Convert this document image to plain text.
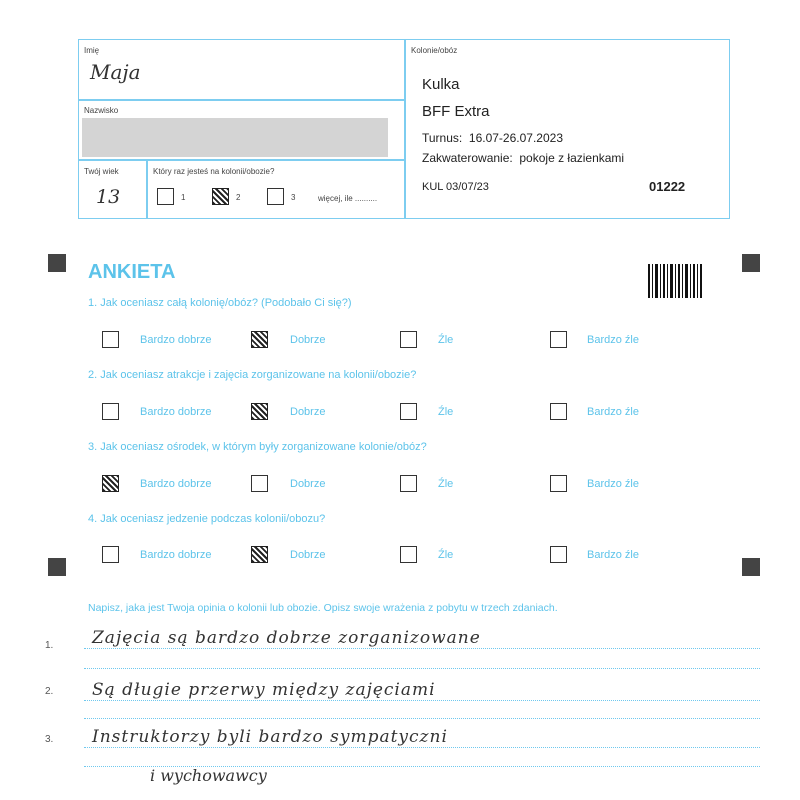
Imię
Maja
Nazwisko
Twój wiek
13
Który raz jesteś na kolonii/obozie?
1	2	3	więcej, ile ..........
Kolonie/obóz
Kulka
BFF Extra
Turnus:  16.07-26.07.2023
Zakwaterowanie:  pokoje z łazienkami
KUL 03/07/23	01222
ANKIETA
1. Jak oceniasz całą kolonię/obóz? (Podobało Ci się?)
Bardzo dobrze	Dobrze	Źle	Bardzo źle
2. Jak oceniasz atrakcje i zajęcia zorganizowane na kolonii/obozie?
Bardzo dobrze	Dobrze	Źle	Bardzo źle
3. Jak oceniasz ośrodek, w którym były zorganizowane kolonie/obóz?
Bardzo dobrze	Dobrze	Źle	Bardzo źle
4. Jak oceniasz jedzenie podczas kolonii/obozu?
Bardzo dobrze	Dobrze	Źle	Bardzo źle
Napisz, jaka jest Twoja opinia o kolonii lub obozie. Opisz swoje wrażenia z pobytu w trzech zdaniach.
1. Zajęcia są bardzo dobrze zorganizowane
2. Są długie przerwy między zajęciami
3. Instruktorzy byli bardzo sympatyczni
i wychowawcy
